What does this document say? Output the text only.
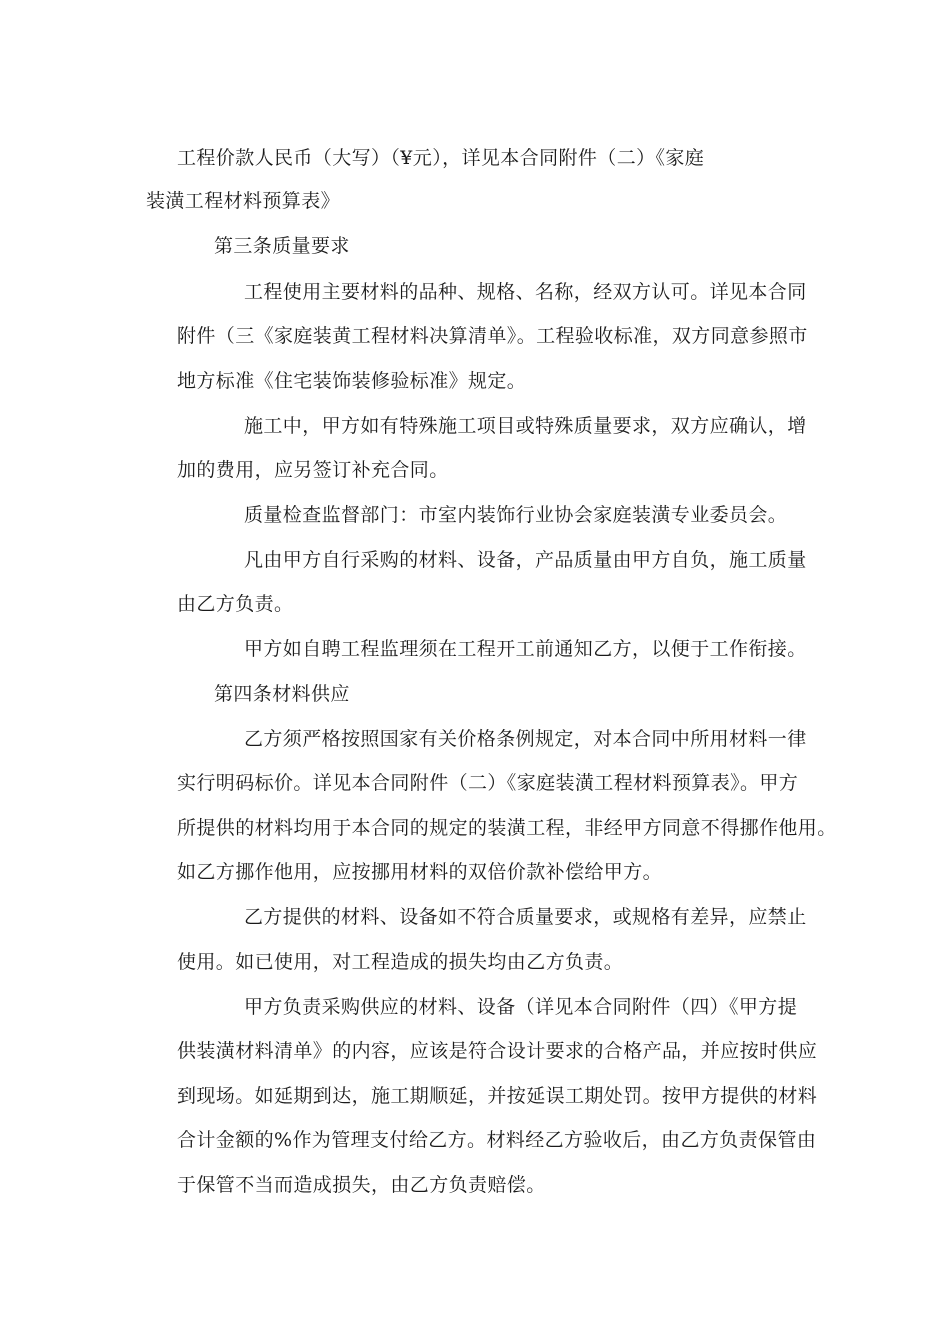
工程价款人民币（大写）（¥元），详见本合同附件（二）《家庭
装潢工程材料预算表》
第三条质量要求
工程使用主要材料的品种、规格、名称，经双方认可。详见本合同
附件（三《家庭装黄工程材料决算清单》。工程验收标准，双方同意参照市
地方标准《住宅装饰装修验标准》规定。
施工中，甲方如有特殊施工项目或特殊质量要求，双方应确认，增
加的费用，应另签订补充合同。
质量检查监督部门：市室内装饰行业协会家庭装潢专业委员会。
凡由甲方自行采购的材料、设备，产品质量由甲方自负，施工质量
由乙方负责。
甲方如自聘工程监理须在工程开工前通知乙方，以便于工作衔接。
第四条材料供应
乙方须严格按照国家有关价格条例规定，对本合同中所用材料一律
实行明码标价。详见本合同附件（二）《家庭装潢工程材料预算表》。甲方
所提供的材料均用于本合同的规定的装潢工程，非经甲方同意不得挪作他用。
如乙方挪作他用，应按挪用材料的双倍价款补偿给甲方。
乙方提供的材料、设备如不符合质量要求，或规格有差异，应禁止
使用。如已使用，对工程造成的损失均由乙方负责。
甲方负责采购供应的材料、设备（详见本合同附件（四）《甲方提
供装潢材料清单》的内容，应该是符合设计要求的合格产品，并应按时供应
到现场。如延期到达，施工期顺延，并按延误工期处罚。按甲方提供的材料
合计金额的%作为管理支付给乙方。材料经乙方验收后，由乙方负责保管由
于保管不当而造成损失，由乙方负责赔偿。
